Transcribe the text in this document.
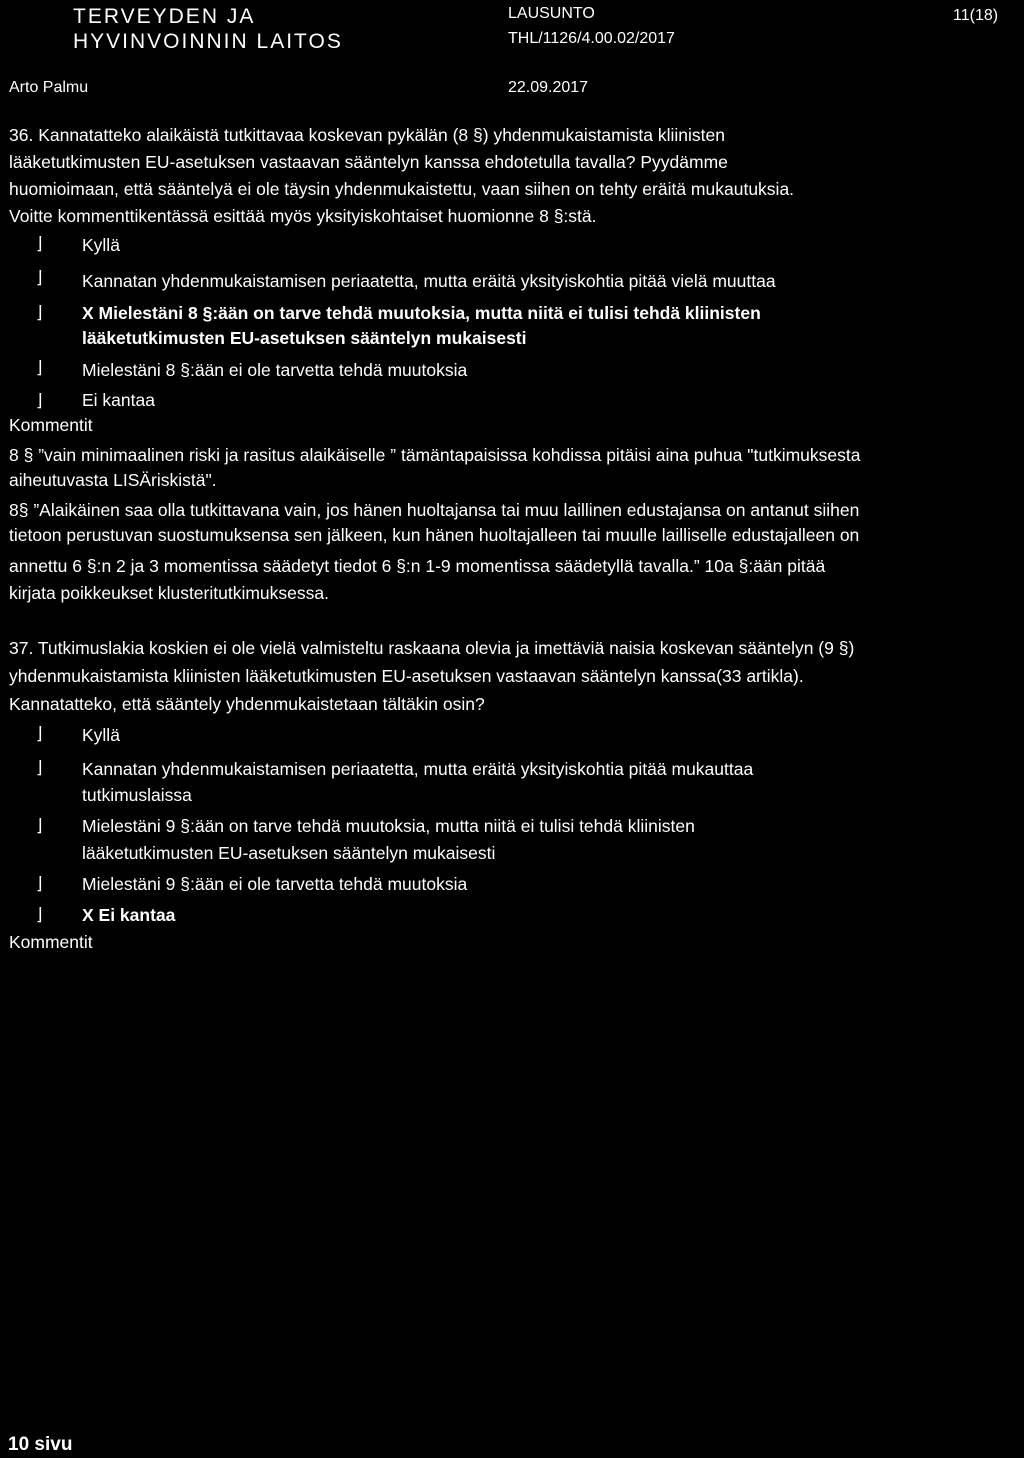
TERVEYDEN JA
HYVINVOINNIN LAITOS
LAUSUNTO
THL/1126/4.00.02/2017
11(18)
Arto Palmu	22.09.2017
36. Kannatatteko alaikäistä tutkittavaa koskevan pykälän (8 §) yhdenmukaistamista kliinisten
lääketutkimusten EU-asetuksen vastaavan sääntelyn kanssa ehdotetulla tavalla? Pyydämme
huomioimaan, että sääntelyä ei ole täysin yhdenmukaistettu, vaan siihen on tehty eräitä mukautuksia.
Voitte kommenttikentässä esittää myös yksityiskohtaiset huomionne 8 §:stä.
⌋ Kyllä
⌋ Kannatan yhdenmukaistamisen periaatetta, mutta eräitä yksityiskohtia pitää vielä muuttaa
⌋ X Mielestäni 8 §:ään on tarve tehdä muutoksia, mutta niitä ei tulisi tehdä kliinisten
lääketutkimusten EU-asetuksen sääntelyn mukaisesti
⌋ Mielestäni 8 §:ään ei ole tarvetta tehdä muutoksia
⌋ Ei kantaa
Kommentit
8 § ”vain minimaalinen riski ja rasitus alaikäiselle ” tämäntapaisissa kohdissa pitäisi aina puhua "tutkimuksesta
aiheutuvasta LISÄriskistä".
8§ ”Alaikäinen saa olla tutkittavana vain, jos hänen huoltajansa tai muu laillinen edustajansa on antanut siihen
tietoon perustuvan suostumuksensa sen jälkeen, kun hänen huoltajalleen tai muulle lailliselle edustajalleen on
annettu 6 §:n 2 ja 3 momentissa säädetyt tiedot 6 §:n 1-9 momentissa säädetyllä tavalla.” 10a §:ään pitää
kirjata poikkeukset klusteritutkimuksessa.
37. Tutkimuslakia koskien ei ole vielä valmisteltu raskaana olevia ja imettäviä naisia koskevan sääntelyn (9 §)
yhdenmukaistamista kliinisten lääketutkimusten EU-asetuksen vastaavan sääntelyn kanssa(33 artikla).
Kannatatteko, että sääntely yhdenmukaistetaan tältäkin osin?
⌋ Kyllä
⌋ Kannatan yhdenmukaistamisen periaatetta, mutta eräitä yksityiskohtia pitää mukauttaa
tutkimuslaissa
⌋ Mielestäni 9 §:ään on tarve tehdä muutoksia, mutta niitä ei tulisi tehdä kliinisten
lääketutkimusten EU-asetuksen sääntelyn mukaisesti
⌋ Mielestäni 9 §:ään ei ole tarvetta tehdä muutoksia
⌋ X Ei kantaa
Kommentit
10 sivu
